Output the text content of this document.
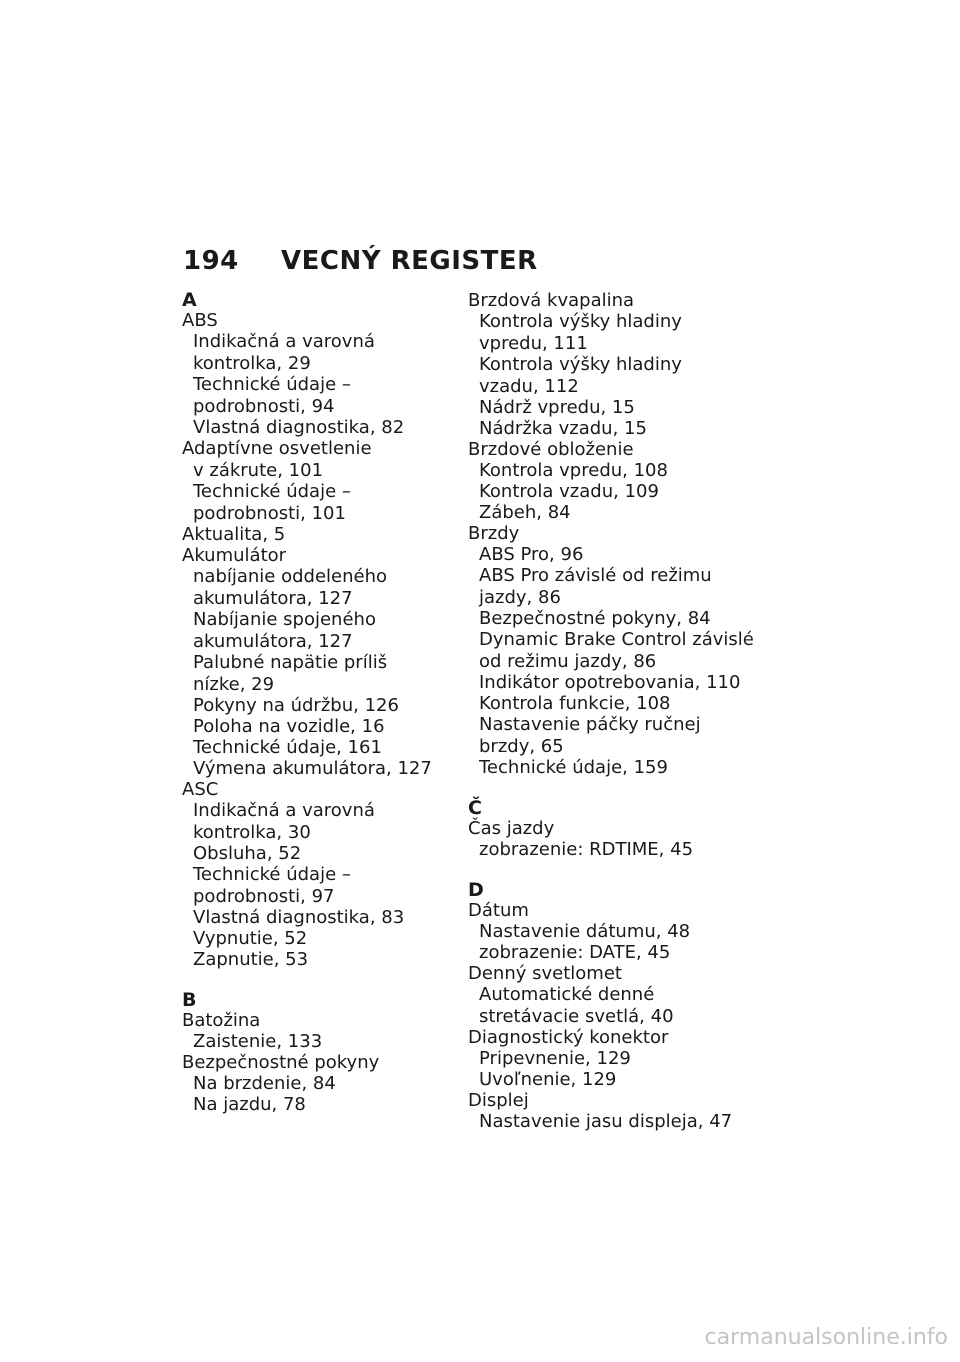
194 VECNÝ REGISTER
A
ABS
Indikačná a varovná
kontrolka, 29
Technické údaje –
podrobnosti, 94
Vlastná diagnostika, 82
Adaptívne osvetlenie
v zákrute, 101
Technické údaje –
podrobnosti, 101
Aktualita, 5
Akumulátor
nabíjanie oddeleného
akumulátora, 127
Nabíjanie spojeného
akumulátora, 127
Palubné napätie príliš
nízke, 29
Pokyny na údržbu, 126
Poloha na vozidle, 16
Technické údaje, 161
Výmena akumulátora, 127
ASC
Indikačná a varovná
kontrolka, 30
Obsluha, 52
Technické údaje –
podrobnosti, 97
Vlastná diagnostika, 83
Vypnutie, 52
Zapnutie, 53
B
Batožina
Zaistenie, 133
Bezpečnostné pokyny
Na brzdenie, 84
Na jazdu, 78
Brzdová kvapalina
Kontrola výšky hladiny
vpredu, 111
Kontrola výšky hladiny
vzadu, 112
Nádrž vpredu, 15
Nádržka vzadu, 15
Brzdové obloženie
Kontrola vpredu, 108
Kontrola vzadu, 109
Zábeh, 84
Brzdy
ABS Pro, 96
ABS Pro závislé od režimu
jazdy, 86
Bezpečnostné pokyny, 84
Dynamic Brake Control závislé
od režimu jazdy, 86
Indikátor opotrebovania, 110
Kontrola funkcie, 108
Nastavenie páčky ručnej
brzdy, 65
Technické údaje, 159
Č
Čas jazdy
zobrazenie: RDTIME, 45
D
Dátum
Nastavenie dátumu, 48
zobrazenie: DATE, 45
Denný svetlomet
Automatické denné
stretávacie svetlá, 40
Diagnostický konektor
Pripevnenie, 129
Uvoľnenie, 129
Displej
Nastavenie jasu displeja, 47
carmanualsonline.info
